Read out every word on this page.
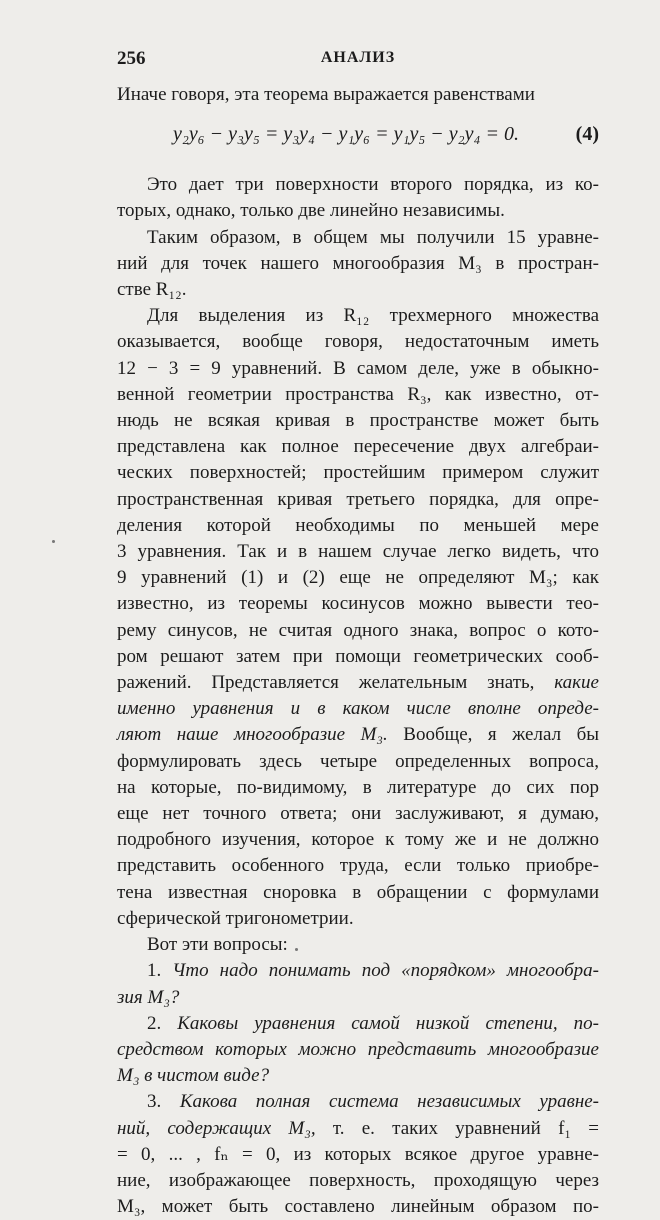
256	АНАЛИЗ

Иначе говоря, эта теорема выражается равенствами

y₂y₆ − y₃y₅ = y₃y₄ − y₁y₆ = y₁y₅ − y₂y₄ = 0.	(4)

Это дает три поверхности второго порядка, из ко-

торых, однако, только две линейно независимы.

Таким образом, в общем мы получили 15 уравне-

ний для точек нашего многообразия M₃ в простран-

стве R₁₂.

Для выделения из R₁₂ трехмерного множества

оказывается, вообще говоря, недостаточным иметь

12 − 3 = 9 уравнений. В самом деле, уже в обыкно-

венной геометрии пространства R₃, как известно, от-

нюдь не всякая кривая в пространстве может быть

представлена как полное пересечение двух алгебраи-

ческих поверхностей; простейшим примером служит

пространственная кривая третьего порядка, для опре-

деления которой необходимы по меньшей мере

3 уравнения. Так и в нашем случае легко видеть, что

9 уравнений (1) и (2) еще не определяют M₃; как

известно, из теоремы косинусов можно вывести тео-

рему синусов, не считая одного знака, вопрос о кото-

ром решают затем при помощи геометрических сооб-

ражений. Представляется желательным знать, какие

именно уравнения и в каком числе вполне опреде-

ляют наше многообразие M₃. Вообще, я желал бы

формулировать здесь четыре определенных вопроса,

на которые, по-видимому, в литературе до сих пор

еще нет точного ответа; они заслуживают, я думаю,

подробного изучения, которое к тому же и не должно

представить особенного труда, если только приобре-

тена известная сноровка в обращении с формулами

сферической тригонометрии.

Вот эти вопросы:

1. Что надо понимать под «порядком» многообра-

зия M₃?

2. Каковы уравнения самой низкой степени, по-

средством которых можно представить многообразие

M₃ в чистом виде?

3. Какова полная система независимых уравне-

ний, содержащих M₃, т. е. таких уравнений f₁ =

= 0, ... , fₙ = 0, из которых всякое другое уравне-

ние, изображающее поверхность, проходящую через

M₃, может быть составлено линейным образом по-
